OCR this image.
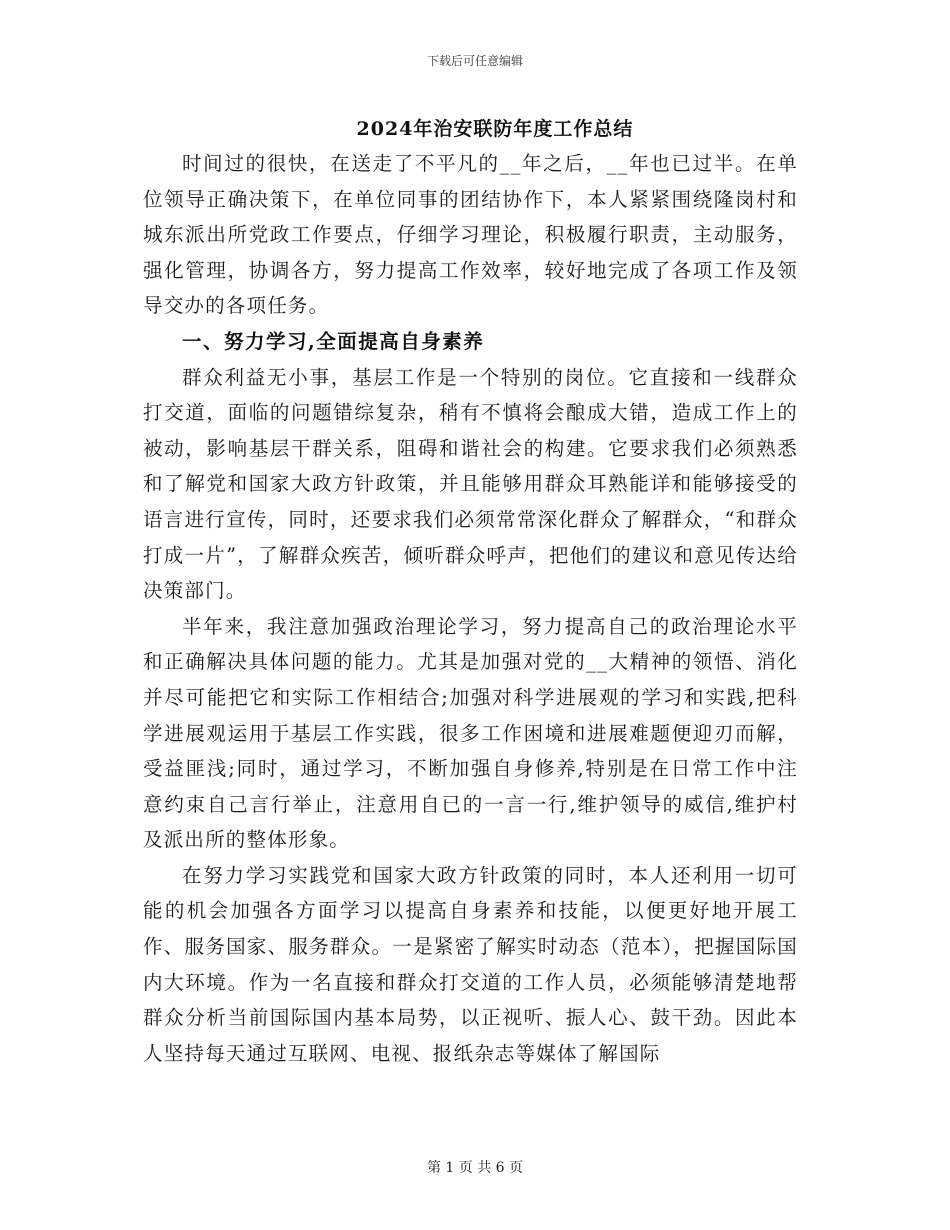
下载后可任意编辑
2024年治安联防年度工作总结

时间过的很快，在送走了不平凡的__年之后，__年也已过半。在单位领导正确决策下，在单位同事的团结协作下，本人紧紧围绕隆岗村和城东派出所党政工作要点，仔细学习理论，积极履行职责，主动服务，强化管理，协调各方，努力提高工作效率，较好地完成了各项工作及领导交办的各项任务。

一、努力学习,全面提高自身素养

群众利益无小事，基层工作是一个特别的岗位。它直接和一线群众打交道，面临的问题错综复杂，稍有不慎将会酿成大错，造成工作上的被动，影响基层干群关系，阻碍和谐社会的构建。它要求我们必须熟悉和了解党和国家大政方针政策，并且能够用群众耳熟能详和能够接受的语言进行宣传，同时，还要求我们必须常常深化群众了解群众，“和群众打成一片”，了解群众疾苦，倾听群众呼声，把他们的建议和意见传达给决策部门。

半年来，我注意加强政治理论学习，努力提高自己的政治理论水平和正确解决具体问题的能力。尤其是加强对党的__大精神的领悟、消化并尽可能把它和实际工作相结合;加强对科学进展观的学习和实践,把科学进展观运用于基层工作实践，很多工作困境和进展难题便迎刃而解，受益匪浅;同时，通过学习，不断加强自身修养,特别是在日常工作中注意约束自己言行举止，注意用自已的一言一行,维护领导的威信,维护村及派出所的整体形象。

在努力学习实践党和国家大政方针政策的同时，本人还利用一切可能的机会加强各方面学习以提高自身素养和技能，以便更好地开展工作、服务国家、服务群众。一是紧密了解实时动态（范本），把握国际国内大环境。作为一名直接和群众打交道的工作人员，必须能够清楚地帮群众分析当前国际国内基本局势，以正视听、振人心、鼓干劲。因此本人坚持每天通过互联网、电视、报纸杂志等媒体了解国际

第 1 页 共 6 页
